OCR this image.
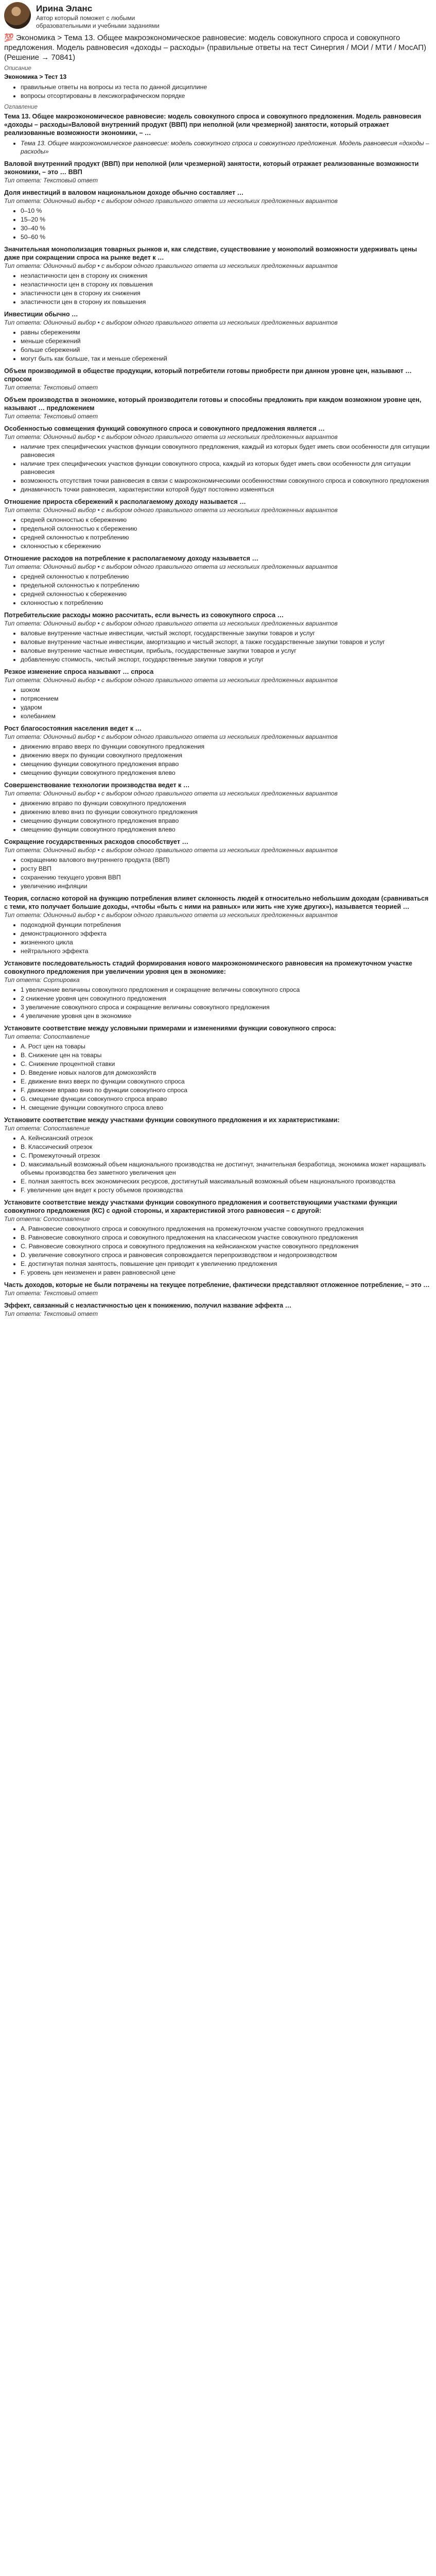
Ирина Эланс
Автор который поможет с любыми образовательными и учебными заданиями
💯 Экономика > Тема 13. Общее макроэкономическое равновесие: модель совокупного спроса и совокупного предложения. Модель равновесия «доходы – расходы» (правильные ответы на тест Синергия / МОИ / МТИ / МосАП) (Решение → 70841)
Описание
Экономика > Тест 13
• правильные ответы на вопросы из теста по данной дисциплине
• вопросы отсортированы в лексикографическом порядке
Оглавление
Тема 13. Общее макроэкономическое равновесие: модель совокупного спроса и совокупного предложения. Модель равновесия «доходы – расходы»Валовой внутренний продукт (ВВП) при неполной (или чрезмерной) занятости, который отражает реализованные возможности экономики, – …
• Тема 13. Общее макроэкономическое равновесие: модель совокупного спроса и совокупного предложения. Модель равновесия «доходы – расходы»
Валовой внутренний продукт (ВВП) при неполной (или чрезмерной) занятости, который отражает реализованные возможности экономики, – это … ВВП
Тип ответа: Текстовый ответ
Доля инвестиций в валовом национальном доходе обычно составляет …
Тип ответа: Одиночный выбор • с выбором одного правильного ответа из нескольких предложенных вариантов
• 0–10 %
• 15–20 %
• 30–40 %
• 50–60 %
Значительная монополизация товарных рынков и, как следствие, существование у монополий возможности удерживать цены даже при сокращении спроса на рынке ведет к …
Тип ответа: Одиночный выбор • с выбором одного правильного ответа из нескольких предложенных вариантов
• неэластичности цен в сторону их снижения
• неэластичности цен в сторону их повышения
• эластичности цен в сторону их снижения
• эластичности цен в сторону их повышения
Инвестиции обычно …
Тип ответа: Одиночный выбор • с выбором одного правильного ответа из нескольких предложенных вариантов
• равны сбережениям
• меньше сбережений
• больше сбережений
• могут быть как больше, так и меньше сбережений
Объем производимой в обществе продукции, который потребители готовы приобрести при данном уровне цен, называют … спросом
Тип ответа: Текстовый ответ
Объем производства в экономике, который производители готовы и способны предложить при каждом возможном уровне цен, называют … предложением
Тип ответа: Текстовый ответ
Особенностью совмещения функций совокупного спроса и совокупного предложения является …
Тип ответа: Одиночный выбор • с выбором одного правильного ответа из нескольких предложенных вариантов
• наличие трех специфических участков функции совокупного предложения, каждый из которых будет иметь свои особенности для ситуации равновесия
• наличие трех специфических участков функции совокупного спроса, каждый из которых будет иметь свои особенности для ситуации равновесия
• возможность отсутствия точки равновесия в связи с макроэкономическими особенностями совокупного спроса и совокупного предложения
• динамичность точки равновесия, характеристики которой будут постоянно изменяться
Отношение прироста сбережений к располагаемому доходу называется …
Тип ответа: Одиночный выбор • с выбором одного правильного ответа из нескольких предложенных вариантов
• средней склонностью к сбережению
• предельной склонностью к сбережению
• средней склонностью к потреблению
• склонностью к сбережению
Отношение расходов на потребление к располагаемому доходу называется …
Тип ответа: Одиночный выбор • с выбором одного правильного ответа из нескольких предложенных вариантов
• средней склонностью к потреблению
• предельной склонностью к потреблению
• средней склонностью к сбережению
• склонностью к потреблению
Потребительские расходы можно рассчитать, если вычесть из совокупного спроса …
Тип ответа: Одиночный выбор • с выбором одного правильного ответа из нескольких предложенных вариантов
• валовые внутренние частные инвестиции, чистый экспорт, государственные закупки товаров и услуг
• валовые внутренние частные инвестиции, амортизацию и чистый экспорт, а также государственные закупки товаров и услуг
• валовые внутренние частные инвестиции, прибыль, государственные закупки товаров и услуг
• добавленную стоимость, чистый экспорт, государственные закупки товаров и услуг
Резкое изменение спроса называют … спроса
Тип ответа: Одиночный выбор • с выбором одного правильного ответа из нескольких предложенных вариантов
• шоком
• потрясением
• ударом
• колебанием
Рост благосостояния населения ведет к …
Тип ответа: Одиночный выбор • с выбором одного правильного ответа из нескольких предложенных вариантов
• движению вправо вверх по функции совокупного предложения
• движению вверх по функции совокупного предложения
• смещению функции совокупного предложения вправо
• смещению функции совокупного предложения влево
Совершенствование технологии производства ведет к …
Тип ответа: Одиночный выбор • с выбором одного правильного ответа из нескольких предложенных вариантов
• движению вправо по функции совокупного предложения
• движению влево вниз по функции совокупного предложения
• смещению функции совокупного предложения вправо
• смещению функции совокупного предложения влево
Сокращение государственных расходов способствует …
Тип ответа: Одиночный выбор • с выбором одного правильного ответа из нескольких предложенных вариантов
• сокращению валового внутреннего продукта (ВВП)
• росту ВВП
• сохранению текущего уровня ВВП
• увеличению инфляции
Теория, согласно которой на функцию потребления влияет склонность людей к относительно небольшим доходам (сравниваться с теми, кто получает большие доходы, «чтобы «быть с ними на равных» или жить «не хуже других»), называется теорией …
Тип ответа: Одиночный выбор • с выбором одного правильного ответа из нескольких предложенных вариантов
• подоходной функции потребления
• демонстрационного эффекта
• жизненного цикла
• нейтрального эффекта
Установите последовательность стадий формирования нового макроэкономического равновесия на промежуточном участке совокупного предложения при увеличении уровня цен в экономике:
Тип ответа: Сортировка
• 1 увеличение величины совокупного предложения и сокращение величины совокупного спроса
• 2 снижение уровня цен совокупного предложения
• 3 увеличение совокупного спроса и сокращение величины совокупного предложения
• 4 увеличение уровня цен в экономике
Установите соответствие между условными примерами и изменениями функции совокупного спроса:
Тип ответа: Сопоставление
• A. Рост цен на товары
• B. Снижение цен на товары
• C. Снижение процентной ставки
• D. Введение новых налогов для домохозяйств
• E. движение вниз вверх по функции совокупного спроса
• F. движение вправо вниз по функции совокупного спроса
• G. смещение функции совокупного спроса вправо
• H. смещение функции совокупного спроса влево
Установите соответствие между участками функции совокупного предложения и их характеристиками:
Тип ответа: Сопоставление
• A. Кейнсианский отрезок
• B. Классический отрезок
• C. Промежуточный отрезок
• D. максимальный возможный объем национального производства не достигнут, значительная безработица, экономика может наращивать объемы производства без заметного увеличения цен
• E. полная занятость всех экономических ресурсов, достигнутый максимальный возможный объем национального производства
• F. увеличение цен ведет к росту объемов производства
Установите соответствие между участками функции совокупного предложения и соответствующими участками функции совокупного предложения (КС) с одной стороны, и характеристикой этого равновесия – с другой:
Тип ответа: Сопоставление
• A. Равновесие совокупного спроса и совокупного предложения на промежуточном участке совокупного предложения
• B. Равновесие совокупного спроса и совокупного предложения на классическом участке совокупного предложения
• C. Равновесие совокупного спроса и совокупного предложения на кейнсианском участке совокупного предложения
• D. увеличение совокупного спроса и равновесия сопровождается перепроизводством и недопроизводством
• E. достигнутая полная занятость, повышение цен приводит к увеличению предложения
• F. уровень цен неизменен и равен равновесной цене
Часть доходов, которые не были потрачены на текущее потребление, фактически представляют отложенное потребление, – это …
Тип ответа: Текстовый ответ
Эффект, связанный с неэластичностью цен к понижению, получил название эффекта …
Тип ответа: Текстовый ответ
